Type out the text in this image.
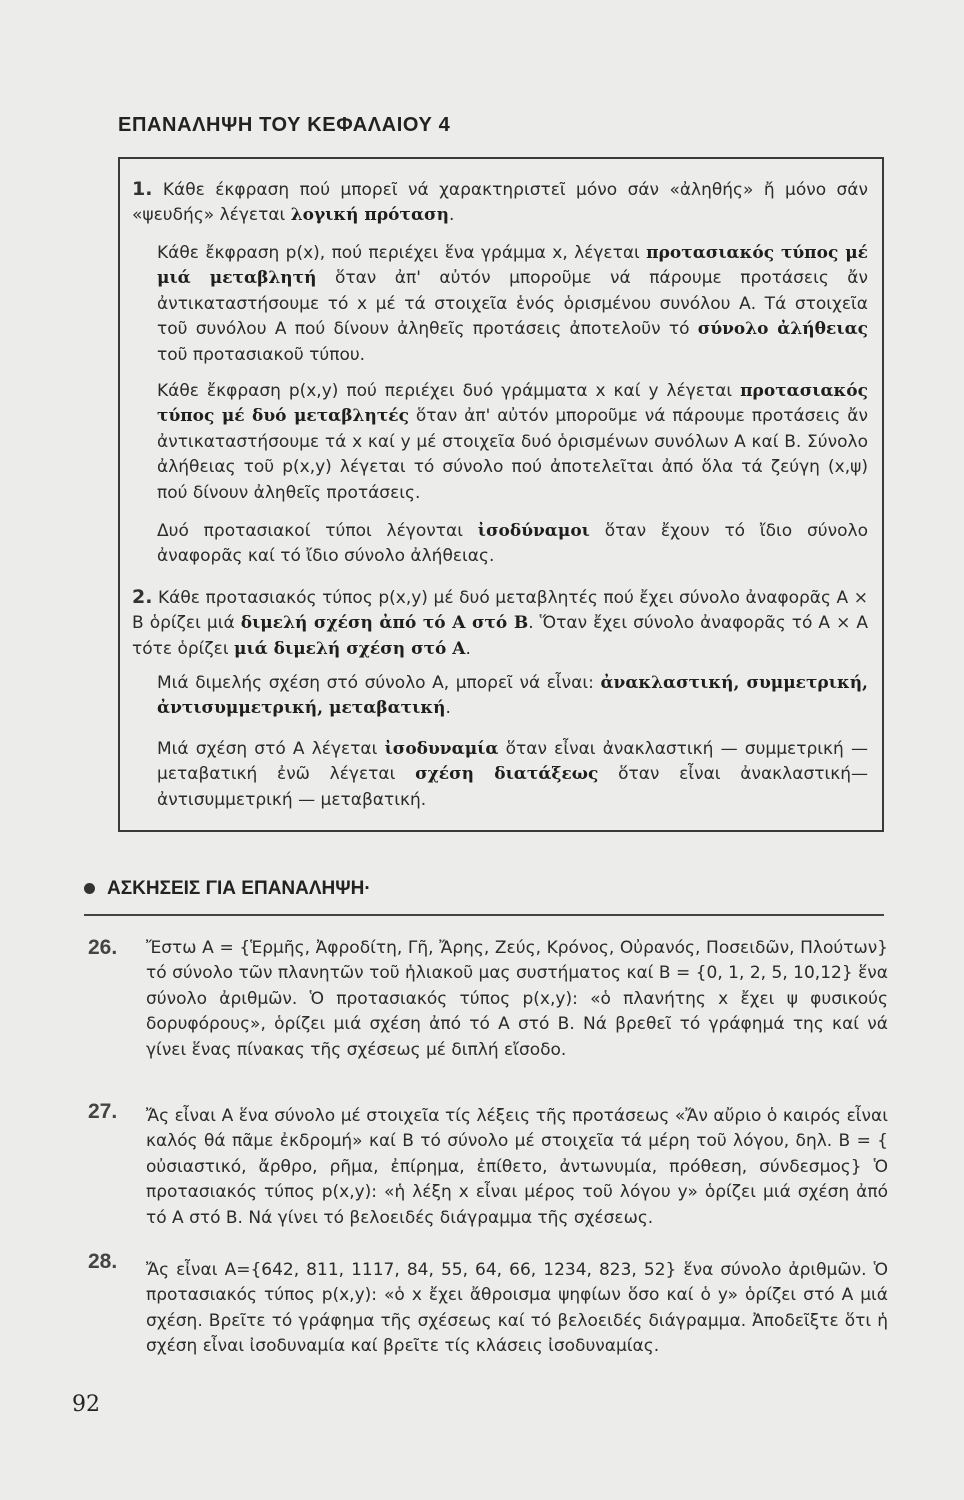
ΕΠΑΝΑΛΗΨΗ ΤΟΥ ΚΕΦΑΛΑΙΟΥ 4

1. Κάθε έκφραση πού μπορεῖ νά χαρακτηριστεῖ μόνο σάν «ἀληθής» ἤ μόνο σάν «ψευδής» λέγεται λογική πρόταση.

Κάθε ἔκφραση p(x), πού περιέχει ἕνα γράμμα x, λέγεται προτασιακός τύπος μέ μιά μεταβλητή ὅταν ἀπ' αὐτόν μποροῦμε νά πάρουμε προτάσεις ἄν ἀντικαταστήσουμε τό x μέ τά στοιχεῖα ἑνός ὁρισμένου συνόλου Α. Τά στοιχεῖα τοῦ συνόλου Α πού δίνουν ἀληθεῖς προτάσεις ἀποτελοῦν τό σύνολο ἀλήθειας τοῦ προτασιακοῦ τύπου.

Κάθε ἔκφραση p(x,y) πού περιέχει δυό γράμματα x καί y λέγεται προτασιακός τύπος μέ δυό μεταβλητές ὅταν ἀπ' αὐτόν μποροῦμε νά πάρουμε προτάσεις ἄν ἀντικαταστήσουμε τά x καί y μέ στοιχεῖα δυό ὁρισμένων συνόλων Α καί Β. Σύνολο ἀλήθειας τοῦ p(x,y) λέγεται τό σύνολο πού ἀποτελεῖται ἀπό ὅλα τά ζεύγη (x,ψ) πού δίνουν ἀληθεῖς προτάσεις.

Δυό προτασιακοί τύποι λέγονται ἰσοδύναμοι ὅταν ἔχουν τό ἴδιο σύνολο ἀναφορᾶς καί τό ἴδιο σύνολο ἀλήθειας.

2. Κάθε προτασιακός τύπος p(x,y) μέ δυό μεταβλητές πού ἔχει σύνολο ἀναφορᾶς Α × Β ὁρίζει μιά διμελή σχέση ἀπό τό Α στό Β. Ὅταν ἔχει σύνολο ἀναφορᾶς τό Α × Α τότε ὁρίζει μιά διμελή σχέση στό Α.

Μιά διμελής σχέση στό σύνολο Α, μπορεῖ νά εἶναι: ἀνακλαστική, συμμετρική, ἀντισυμμετρική, μεταβατική.

Μιά σχέση στό Α λέγεται ἰσοδυναμία ὅταν εἶναι ἀνακλαστική — συμμετρική — μεταβατική ἐνῶ λέγεται σχέση διατάξεως ὅταν εἶναι ἀνακλαστική—ἀντισυμμετρική — μεταβατική.

ΑΣΚΗΣΕΙΣ ΓΙΑ ΕΠΑΝΑΛΗΨΗ·
26. Ἔστω Α = {Ἑρμῆς, Ἀφροδίτη, Γῆ, Ἄρης, Ζεύς, Κρόνος, Οὐρανός, Ποσειδῶν, Πλούτων} τό σύνολο τῶν πλανητῶν τοῦ ἡλιακοῦ μας συστήματος καί Β = {0, 1, 2, 5, 10,12} ἕνα σύνολο ἀριθμῶν. Ὁ προτασιακός τύπος p(x,y): «ὁ πλανήτης x ἔχει ψ φυσικούς δορυφόρους», ὁρίζει μιά σχέση ἀπό τό Α στό Β. Νά βρεθεῖ τό γράφημά της καί νά γίνει ἕνας πίνακας τῆς σχέσεως μέ διπλή εἴσοδο.

27. Ἄς εἶναι Α ἕνα σύνολο μέ στοιχεῖα τίς λέξεις τῆς προτάσεως «Ἄν αὔριο ὁ καιρός εἶναι καλός θά πᾶμε ἐκδρομή» καί Β τό σύνολο μέ στοιχεῖα τά μέρη τοῦ λόγου, δηλ. Β = { οὐσιαστικό, ἄρθρο, ρῆμα, ἐπίρημα, ἐπίθετο, ἀντωνυμία, πρόθεση, σύνδεσμος} Ὁ προτασιακός τύπος p(x,y): «ἡ λέξη x εἶναι μέρος τοῦ λόγου y» ὁρίζει μιά σχέση ἀπό τό Α στό Β. Νά γίνει τό βελοειδές διάγραμμα τῆς σχέσεως.

28. Ἄς εἶναι Α={642, 811, 1117, 84, 55, 64, 66, 1234, 823, 52} ἕνα σύνολο ἀριθμῶν. Ὁ προτασιακός τύπος p(x,y): «ὁ x ἔχει ἄθροισμα ψηφίων ὅσο καί ὁ y» ὁρίζει στό Α μιά σχέση. Βρεῖτε τό γράφημα τῆς σχέσεως καί τό βελοειδές διάγραμμα. Ἀποδεῖξτε ὅτι ἡ σχέση εἶναι ἰσοδυναμία καί βρεῖτε τίς κλάσεις ἰσοδυναμίας.

92
